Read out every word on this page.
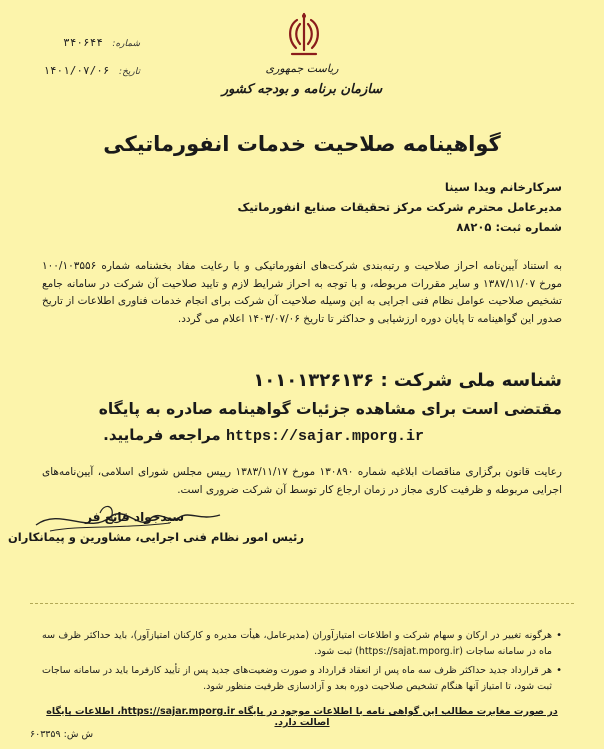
شماره: ۳۴۰۶۴۴
تاریخ: ۱۴۰۱/۰۷/۰۶	ریاست جمهوری
سازمان برنامه و بودجه کشور
گواهینامه صلاحیت خدمات انفورماتیکی
سرکارخانم ویدا سینا
مدیرعامل محترم شرکت مرکز تحقیقات صنایع انفورماتیک
شماره ثبت: ۸۸۲۰۵
به استناد آیین‌نامه احراز صلاحیت و رتبه‌بندی شرکت‌های انفورماتیکی و با رعایت مفاد بخشنامه شماره ۱۰۰/۱۰۳۵۵۶ مورخ ۱۳۸۷/۱۱/۰۷ و سایر مقررات مربوطه، و با توجه به احراز شرایط لازم و تایید صلاحیت آن شرکت در سامانه جامع تشخیص صلاحیت عوامل نظام فنی اجرایی به این وسیله صلاحیت آن شرکت برای انجام خدمات فناوری اطلاعات از تاریخ صدور این گواهینامه تا پایان دوره ارزشیابی و حداکثر تا تاریخ ۱۴۰۳/۰۷/۰۶ اعلام می گردد.
شناسه ملی شرکت : ۱۰۱۰۱۳۲۶۱۳۶
مقتضی است برای مشاهده جزئیات گواهینامه صادره به پایگاه
https://sajar.mporg.ir مراجعه فرمایید.
رعایت قانون برگزاری مناقصات ابلاغیه شماره ۱۳۰۸۹۰ مورخ ۱۳۸۳/۱۱/۱۷ رییس مجلس شورای اسلامی، آیین‌نامه‌های اجرایی مربوطه و ظرفیت کاری مجاز در زمان ارجاع کار توسط آن شرکت ضروری است.
سیدجواد قانع فر
رئیس امور نظام فنی اجرایی، مشاورین و پیمانکاران
• هرگونه تغییر در ارکان و سهام شرکت و اطلاعات امتیازآوران (مدیرعامل، هیأت مدیره و کارکنان امتیازآور)، باید حداکثر ظرف سه ماه در سامانه ساجات (https://sajat.mporg.ir) ثبت شود.
• هر قرارداد جدید حداکثر ظرف سه ماه پس از انعقاد قرارداد و صورت وضعیت‌های جدید پس از تأیید کارفرما باید در سامانه ساجات ثبت شود، تا امتیاز آنها هنگام تشخیص صلاحیت دوره بعد و آزادسازی ظرفیت منظور شود.
در صورت مغایرت مطالب این گواهی نامه با اطلاعات موجود در پایگاه https://sajar.mporg.ir، اطلاعات پایگاه اصالت دارد.
ش ش: ۶۰۳۳۵۹
